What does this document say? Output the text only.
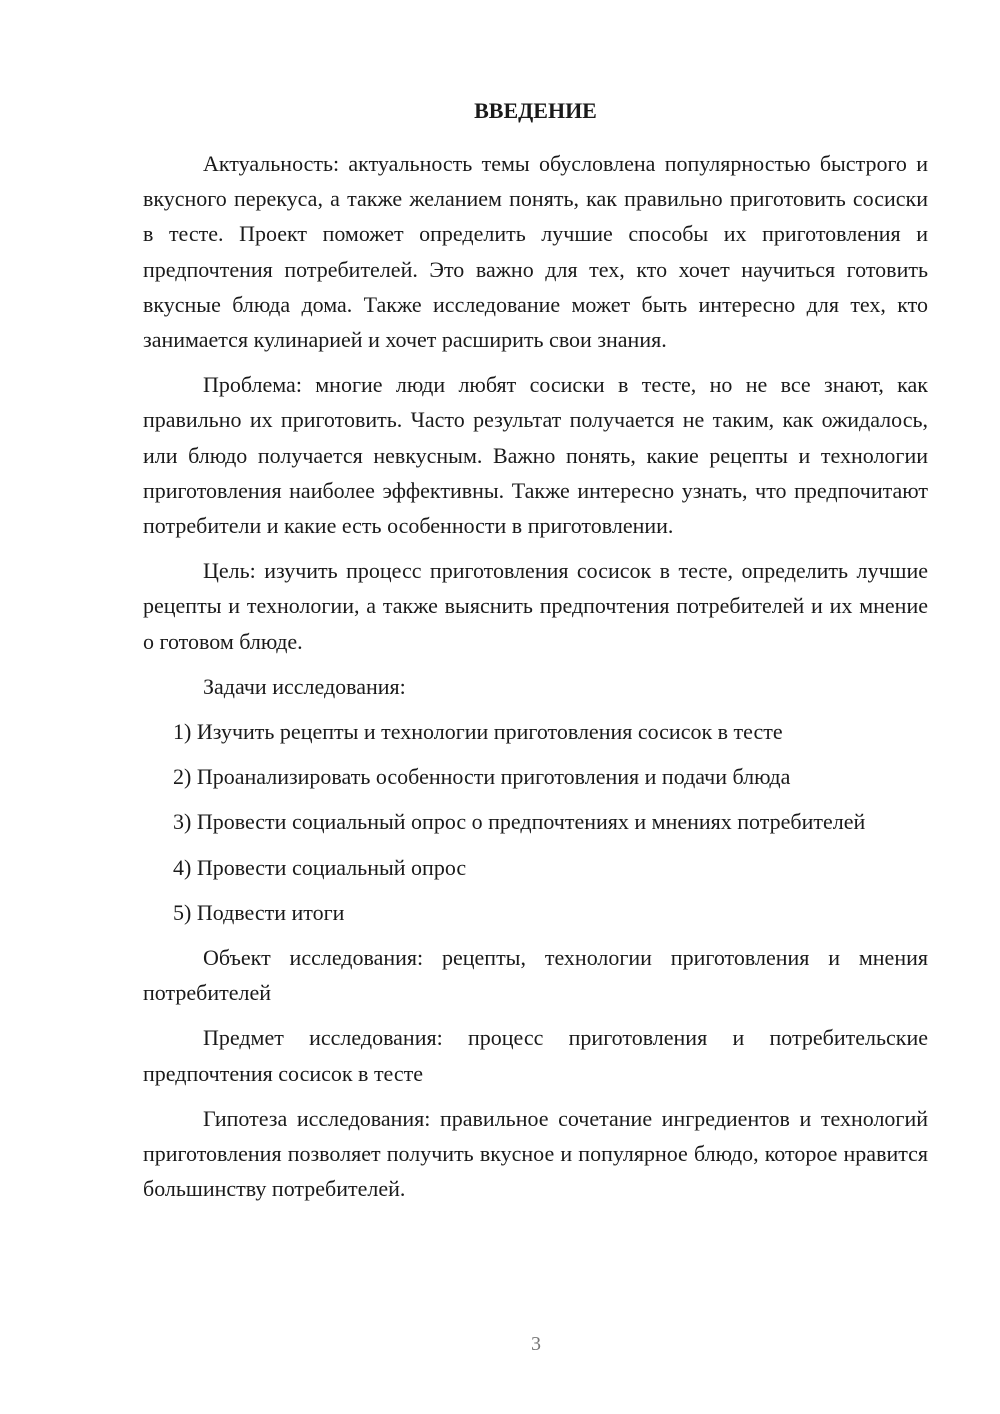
ВВЕДЕНИЕ

Актуальность: актуальность темы обусловлена популярностью быстрого и вкусного перекуса, а также желанием понять, как правильно приготовить сосиски в тесте. Проект поможет определить лучшие способы их приготовления и предпочтения потребителей. Это важно для тех, кто хочет научиться готовить вкусные блюда дома. Также исследование может быть интересно для тех, кто занимается кулинарией и хочет расширить свои знания.

Проблема: многие люди любят сосиски в тесте, но не все знают, как правильно их приготовить. Часто результат получается не таким, как ожидалось, или блюдо получается невкусным. Важно понять, какие рецепты и технологии приготовления наиболее эффективны. Также интересно узнать, что предпочитают потребители и какие есть особенности в приготовлении.

Цель: изучить процесс приготовления сосисок в тесте, определить лучшие рецепты и технологии, а также выяснить предпочтения потребителей и их мнение о готовом блюде.

Задачи исследования:

1) Изучить рецепты и технологии приготовления сосисок в тесте

2) Проанализировать особенности приготовления и подачи блюда

3) Провести социальный опрос о предпочтениях и мнениях потребителей

4) Провести социальный опрос

5) Подвести итоги

Объект исследования: рецепты, технологии приготовления и мнения потребителей

Предмет исследования: процесс приготовления и потребительские предпочтения сосисок в тесте

Гипотеза исследования: правильное сочетание ингредиентов и технологий приготовления позволяет получить вкусное и популярное блюдо, которое нравится большинству потребителей.

3
